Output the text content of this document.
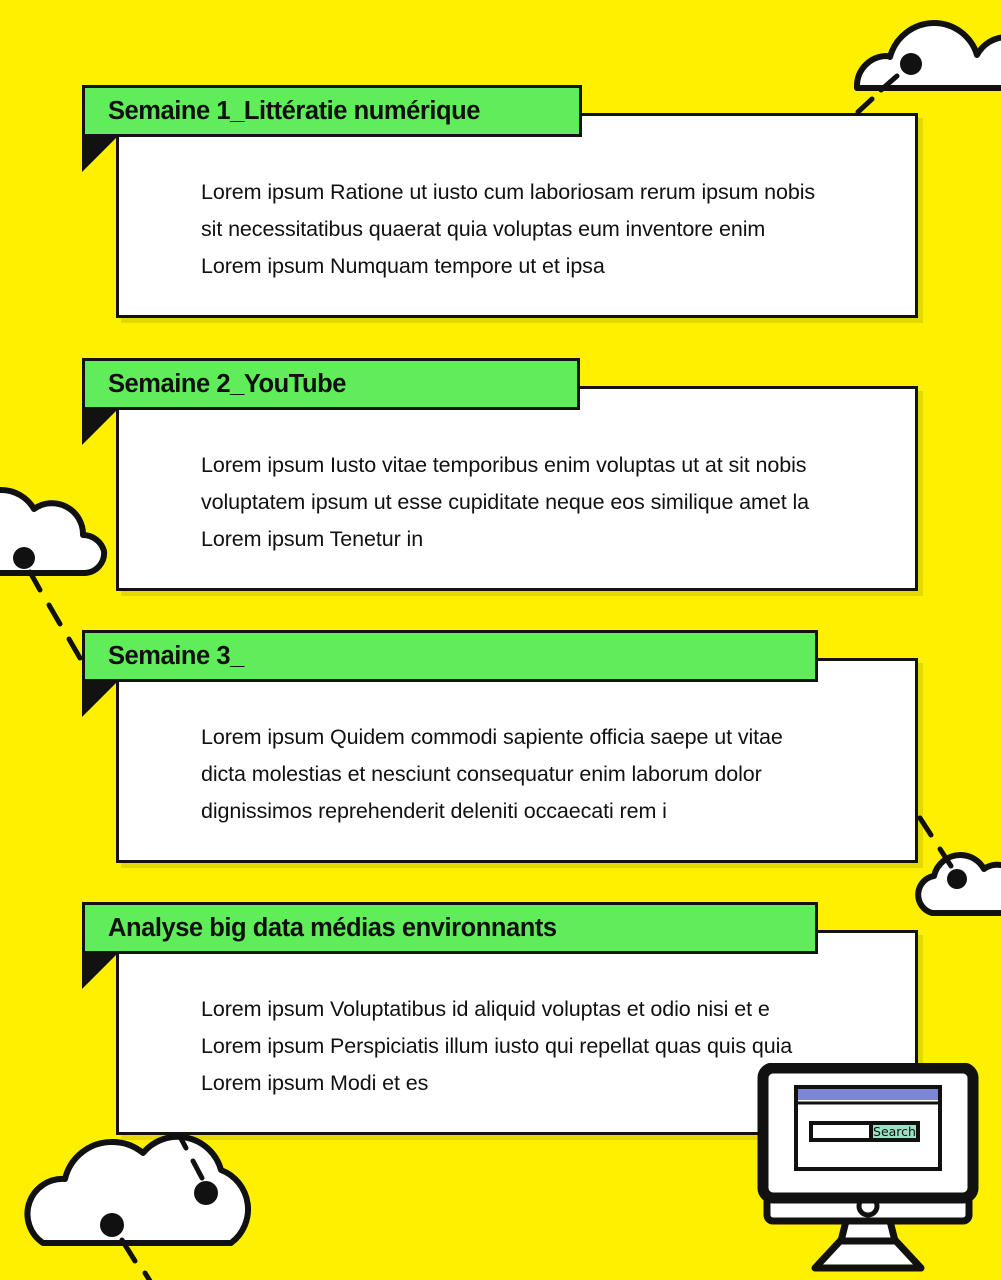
Lorem ipsum Ratione ut iusto cum laboriosam rerum ipsum nobis

sit necessitatibus quaerat quia voluptas eum inventore enim

Lorem ipsum Numquam tempore ut et ipsa

Semaine 1_Littératie numérique

Lorem ipsum Iusto vitae temporibus enim voluptas ut at sit nobis

voluptatem ipsum ut esse cupiditate neque eos similique amet la

Lorem ipsum Tenetur in

Semaine 2_YouTube

Lorem ipsum Quidem commodi sapiente officia saepe ut vitae

dicta molestias et nesciunt consequatur enim laborum dolor

dignissimos reprehenderit deleniti occaecati rem i

Semaine 3_

Lorem ipsum Voluptatibus id aliquid voluptas et odio nisi et e

Lorem ipsum Perspiciatis illum iusto qui repellat quas quis quia

Lorem ipsum Modi et es

Analyse big data médias environnants
Search
